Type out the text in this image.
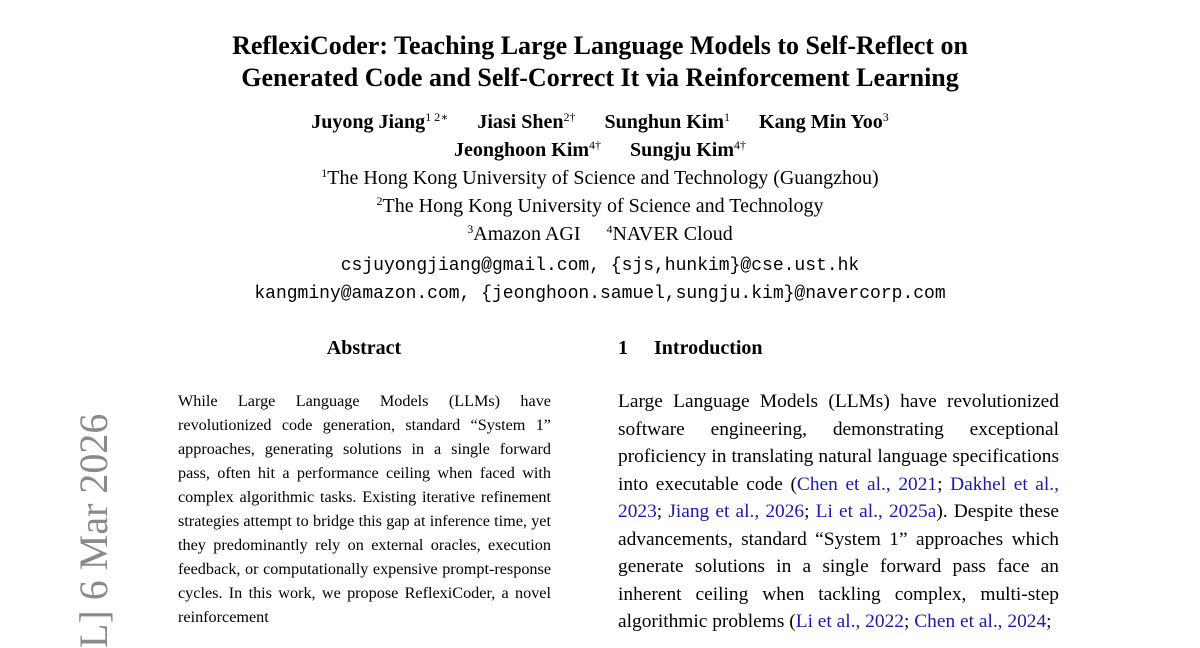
L] 6 Mar 2026
ReflexiCoder: Teaching Large Language Models to Self-Reflect on
Generated Code and Self-Correct It via Reinforcement Learning
Juyong Jiang$^{1 2∗}$ Jiasi Shen$^{2\dagger}$ Sunghun Kim$^1$ Kang Min Yoo$^3$
Jeonghoon Kim$^{4\dagger}$ Sungju Kim$^{4\dagger}$
$^1$The Hong Kong University of Science and Technology (Guangzhou)
$^2$The Hong Kong University of Science and Technology
$^3$Amazon AGI $^4$NAVER Cloud
csjuyongjiang@gmail.com, {sjs,hunkim}@cse.ust.hk
kangminy@amazon.com, {jeonghoon.samuel,sungju.kim}@navercorp.com
Abstract
While Large Language Models (LLMs) have revolutionized code generation, standard “System 1” approaches, generating solutions in a single forward pass, often hit a performance ceiling when faced with complex algorithmic tasks. Existing iterative refinement strategies attempt to bridge this gap at inference time, yet they predominantly rely on external oracles, execution feedback, or computationally expensive prompt-response cycles. In this work, we propose ReflexiCoder, a novel reinforcement
1 Introduction
Large Language Models (LLMs) have revolutionized software engineering, demonstrating exceptional proficiency in translating natural language specifications into executable code (Chen et al., 2021; Dakhel et al., 2023; Jiang et al., 2026; Li et al., 2025a). Despite these advancements, standard “System 1” approaches which generate solutions in a single forward pass face an inherent ceiling when tackling complex, multi-step algorithmic problems (Li et al., 2022; Chen et al., 2024;
